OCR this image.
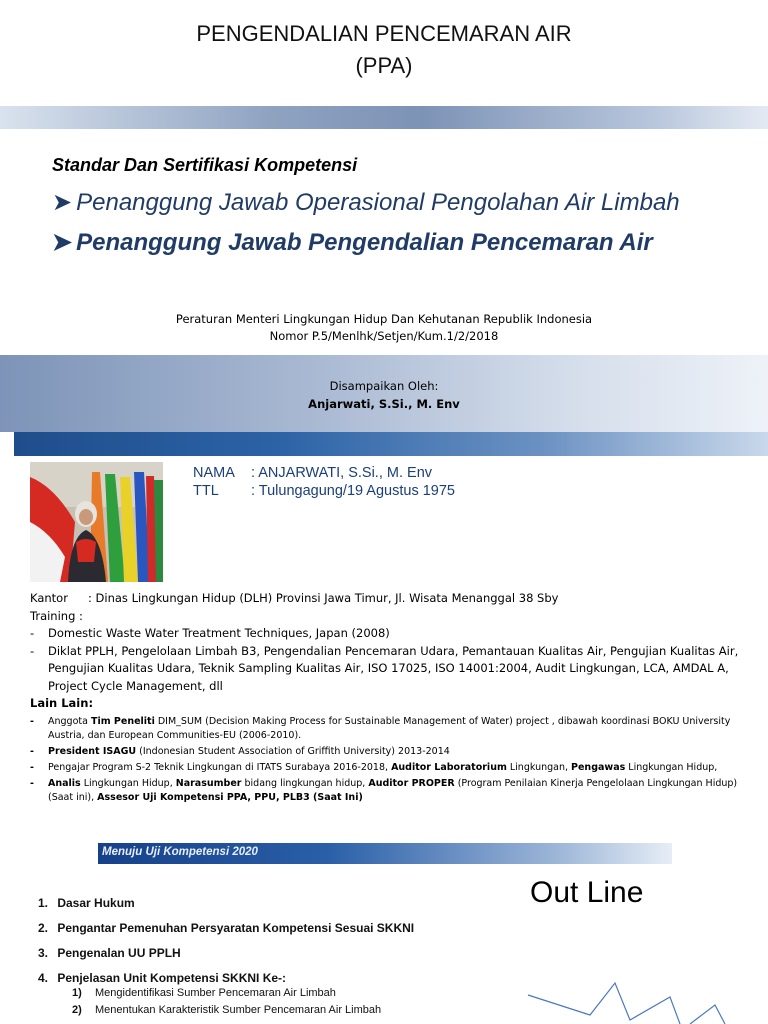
PENGENDALIAN PENCEMARAN AIR
(PPA)
Standar Dan Sertifikasi Kompetensi
➤ Penanggung Jawab Operasional Pengolahan Air Limbah
➤ Penanggung Jawab Pengendalian Pencemaran Air
Peraturan Menteri Lingkungan Hidup Dan Kehutanan Republik Indonesia
Nomor P.5/Menlhk/Setjen/Kum.1/2/2018
Disampaikan Oleh:
Anjarwati, S.Si., M. Env
NAMA : ANJARWATI, S.Si., M. Env
TTL : Tulungagung/19 Agustus 1975
Kantor : Dinas Lingkungan Hidup (DLH) Provinsi Jawa Timur, Jl. Wisata Menanggal 38 Sby
Training :
-	Domestic Waste Water Treatment Techniques, Japan (2008)
-	Diklat PPLH, Pengelolaan Limbah B3, Pengendalian Pencemaran Udara, Pemantauan Kualitas Air, Pengujian Kualitas Air, Pengujian Kualitas Udara, Teknik Sampling Kualitas Air, ISO 17025, ISO 14001:2004, Audit Lingkungan, LCA, AMDAL A, Project Cycle Management, dll
Lain Lain:
-	Anggota Tim Peneliti DIM_SUM (Decision Making Process for Sustainable Management of Water) project , dibawah koordinasi BOKU University Austria, dan European Communities-EU (2006-2010).
-	President ISAGU (Indonesian Student Association of Griffith University) 2013-2014
-	Pengajar Program S-2 Teknik Lingkungan di ITATS Surabaya 2016-2018, Auditor Laboratorium Lingkungan, Pengawas Lingkungan Hidup,
-	Analis Lingkungan Hidup, Narasumber bidang lingkungan hidup, Auditor PROPER (Program Penilaian Kinerja Pengelolaan Lingkungan Hidup) (Saat ini), Assesor Uji Kompetensi PPA, PPU, PLB3 (Saat Ini)
Menuju Uji Kompetensi 2020
Out Line
1. Dasar Hukum
2. Pengantar Pemenuhan Persyaratan Kompetensi Sesuai SKKNI
3. Pengenalan UU PPLH
4. Penjelasan Unit Kompetensi SKKNI Ke-:
1) Mengidentifikasi Sumber Pencemaran Air Limbah
2) Menentukan Karakteristik Sumber Pencemaran Air Limbah
